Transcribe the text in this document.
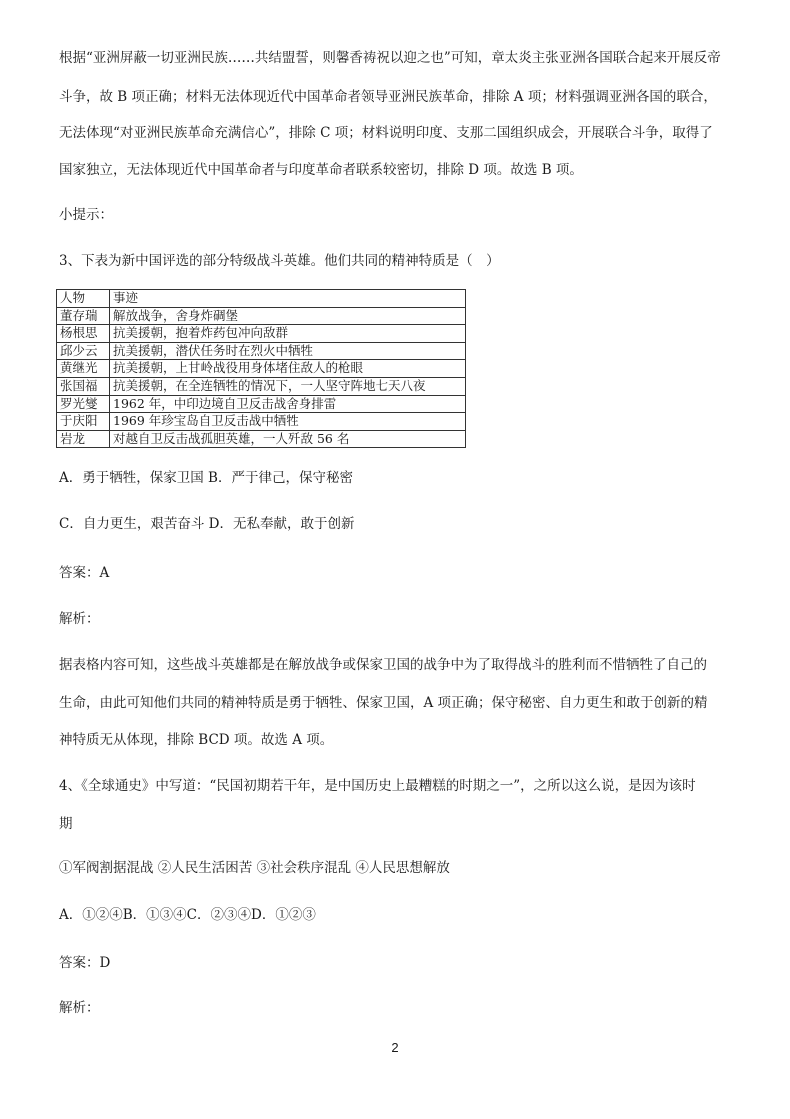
根据“亚洲屏蔽一切亚洲民族……共结盟誓，则馨香祷祝以迎之也”可知，章太炎主张亚洲各国联合起来开展反帝
斗争，故 B 项正确；材料无法体现近代中国革命者领导亚洲民族革命，排除 A 项；材料强调亚洲各国的联合，
无法体现“对亚洲民族革命充满信心”，排除 C 项；材料说明印度、支那二国组织成会，开展联合斗争，取得了
国家独立，无法体现近代中国革命者与印度革命者联系较密切，排除 D 项。故选 B 项。
小提示：
3、下表为新中国评选的部分特级战斗英雄。他们共同的精神特质是（　）
人物	事迹
董存瑞	解放战争，舍身炸碉堡
杨根思	抗美援朝，抱着炸药包冲向敌群
邱少云	抗美援朝，潜伏任务时在烈火中牺牲
黄继光	抗美援朝，上甘岭战役用身体堵住敌人的枪眼
张国福	抗美援朝，在全连牺牲的情况下，一人坚守阵地七天八夜
罗光燮	1962 年，中印边境自卫反击战舍身排雷
于庆阳	1969 年珍宝岛自卫反击战中牺牲
岩龙	对越自卫反击战孤胆英雄，一人歼敌 56 名
A．勇于牺牲，保家卫国 B．严于律己，保守秘密
C．自力更生，艰苦奋斗 D．无私奉献，敢于创新
答案：A
解析：
据表格内容可知，这些战斗英雄都是在解放战争或保家卫国的战争中为了取得战斗的胜利而不惜牺牲了自己的
生命，由此可知他们共同的精神特质是勇于牺牲、保家卫国，A 项正确；保守秘密、自力更生和敢于创新的精
神特质无从体现，排除 BCD 项。故选 A 项。
4、《全球通史》中写道：“民国初期若干年，是中国历史上最糟糕的时期之一”，之所以这么说，是因为该时
期
①军阀割据混战 ②人民生活困苦 ③社会秩序混乱 ④人民思想解放
A．①②④B．①③④C．②③④D．①②③
答案：D
解析：
2
